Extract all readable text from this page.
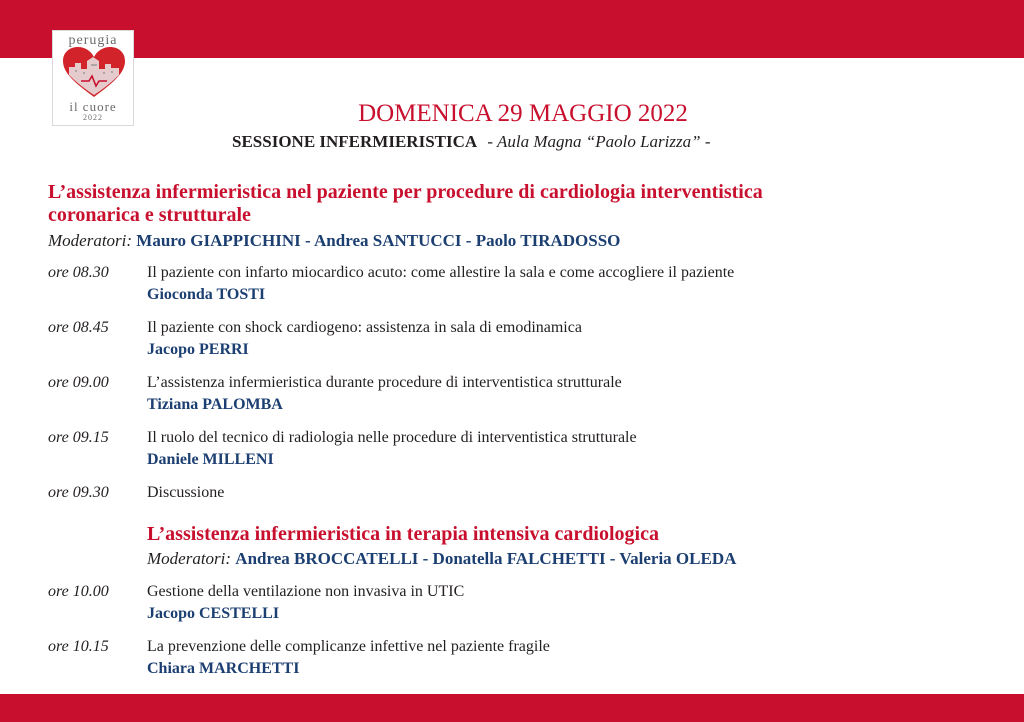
perugia
il cuore
2022	DOMENICA 29 MAGGIO 2022
SESSIONE INFERMIERISTICA - Aula Magna “Paolo Larizza” -
L’assistenza infermieristica nel paziente per procedure di cardiologia interventistica
coronarica e strutturale
Moderatori: Mauro GIAPPICHINI - Andrea SANTUCCI - Paolo TIRADOSSO
ore 08.30 Il paziente con infarto miocardico acuto: come allestire la sala e come accogliere il paziente
Gioconda TOSTI
ore 08.45 Il paziente con shock cardiogeno: assistenza in sala di emodinamica
Jacopo PERRI
ore 09.00 L’assistenza infermieristica durante procedure di interventistica strutturale
Tiziana PALOMBA
ore 09.15 Il ruolo del tecnico di radiologia nelle procedure di interventistica strutturale
Daniele MILLENI
ore 09.30 Discussione
L’assistenza infermieristica in terapia intensiva cardiologica
Moderatori: Andrea BROCCATELLI - Donatella FALCHETTI - Valeria OLEDA
ore 10.00 Gestione della ventilazione non invasiva in UTIC
Jacopo CESTELLI
ore 10.15 La prevenzione delle complicanze infettive nel paziente fragile
Chiara MARCHETTI
